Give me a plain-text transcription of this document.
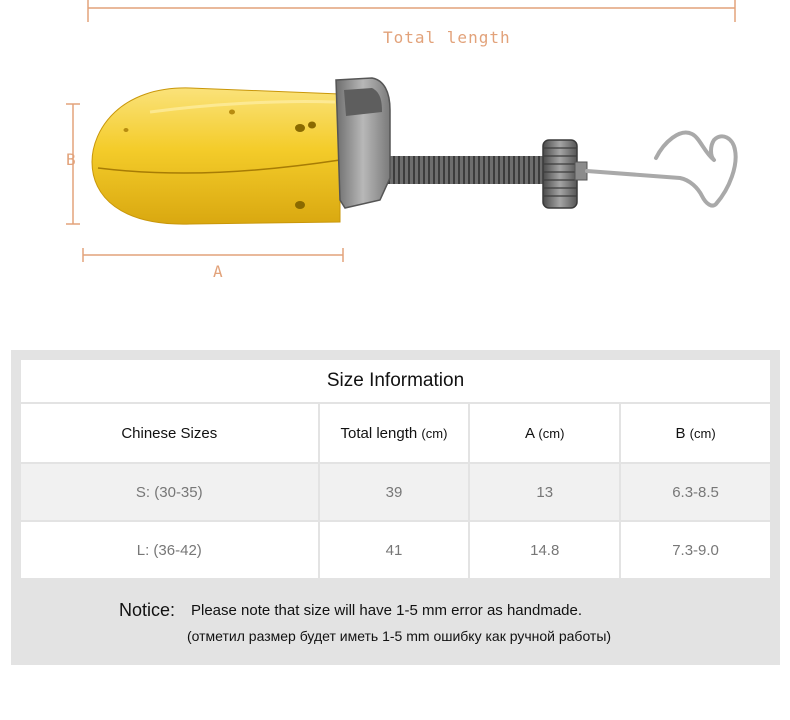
Total length
A
B
Size Information			
Chinese Sizes	Total length (cm)	A (cm)	B (cm)
S: (30-35)	39	13	6.3-8.5
L: (36-42)	41	14.8	7.3-9.0
Notice: Please note that size will have 1-5 mm error as handmade.
(отметил размер будет иметь 1-5 mm ошибку как ручной работы)
